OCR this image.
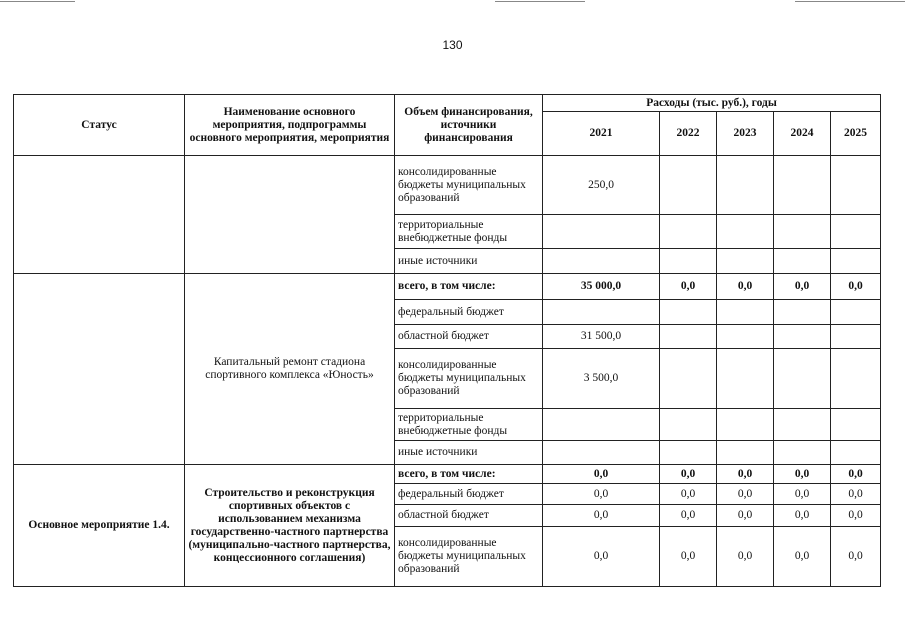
130
Статус	Наименование основного мероприятия, подпрограммы основного мероприятия, мероприятия	Объем финансирования, источники финансирования	Расходы (тыс. руб.), годы				
			2021	2022	2023	2024	2025
		консолидированные бюджеты муниципальных образований	250,0				
		территориальные внебюджетные фонды					
		иные источники					
	Капитальный ремонт стадиона спортивного комплекса «Юность»	всего, в том числе:	35 000,0	0,0	0,0	0,0	0,0
		федеральный бюджет					
		областной бюджет	31 500,0				
		консолидированные бюджеты муниципальных образований	3 500,0				
		территориальные внебюджетные фонды					
		иные источники					
Основное мероприятие 1.4.	Строительство и реконструкция спортивных объектов с использованием механизма государственно-частного партнерства (муниципально-частного партнерства, концессионного соглашения)	всего, в том числе:	0,0	0,0	0,0	0,0	0,0
		федеральный бюджет	0,0	0,0	0,0	0,0	0,0
		областной бюджет	0,0	0,0	0,0	0,0	0,0
		консолидированные бюджеты муниципальных образований	0,0	0,0	0,0	0,0	0,0
